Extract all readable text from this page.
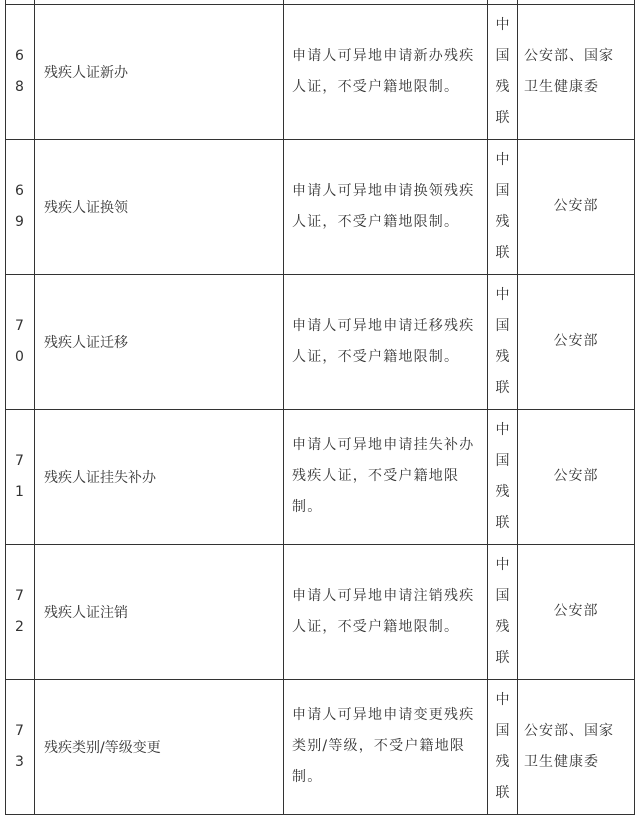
6
8
残疾人证新办
申请人可异地申请新办残疾人证，不受户籍地限制。
中
国
残
联
公安部、国家卫生健康委
6
9
残疾人证换领
申请人可异地申请换领残疾人证，不受户籍地限制。
中
国
残
联
公安部
7
0
残疾人证迁移
申请人可异地申请迁移残疾人证，不受户籍地限制。
中
国
残
联
公安部
7
1
残疾人证挂失补办
申请人可异地申请挂失补办残疾人证，不受户籍地限制。
中
国
残
联
公安部
7
2
残疾人证注销
申请人可异地申请注销残疾人证，不受户籍地限制。
中
国
残
联
公安部
7
3
残疾类别/等级变更
申请人可异地申请变更残疾类别/等级，不受户籍地限制。
中
国
残
联
公安部、国家卫生健康委
